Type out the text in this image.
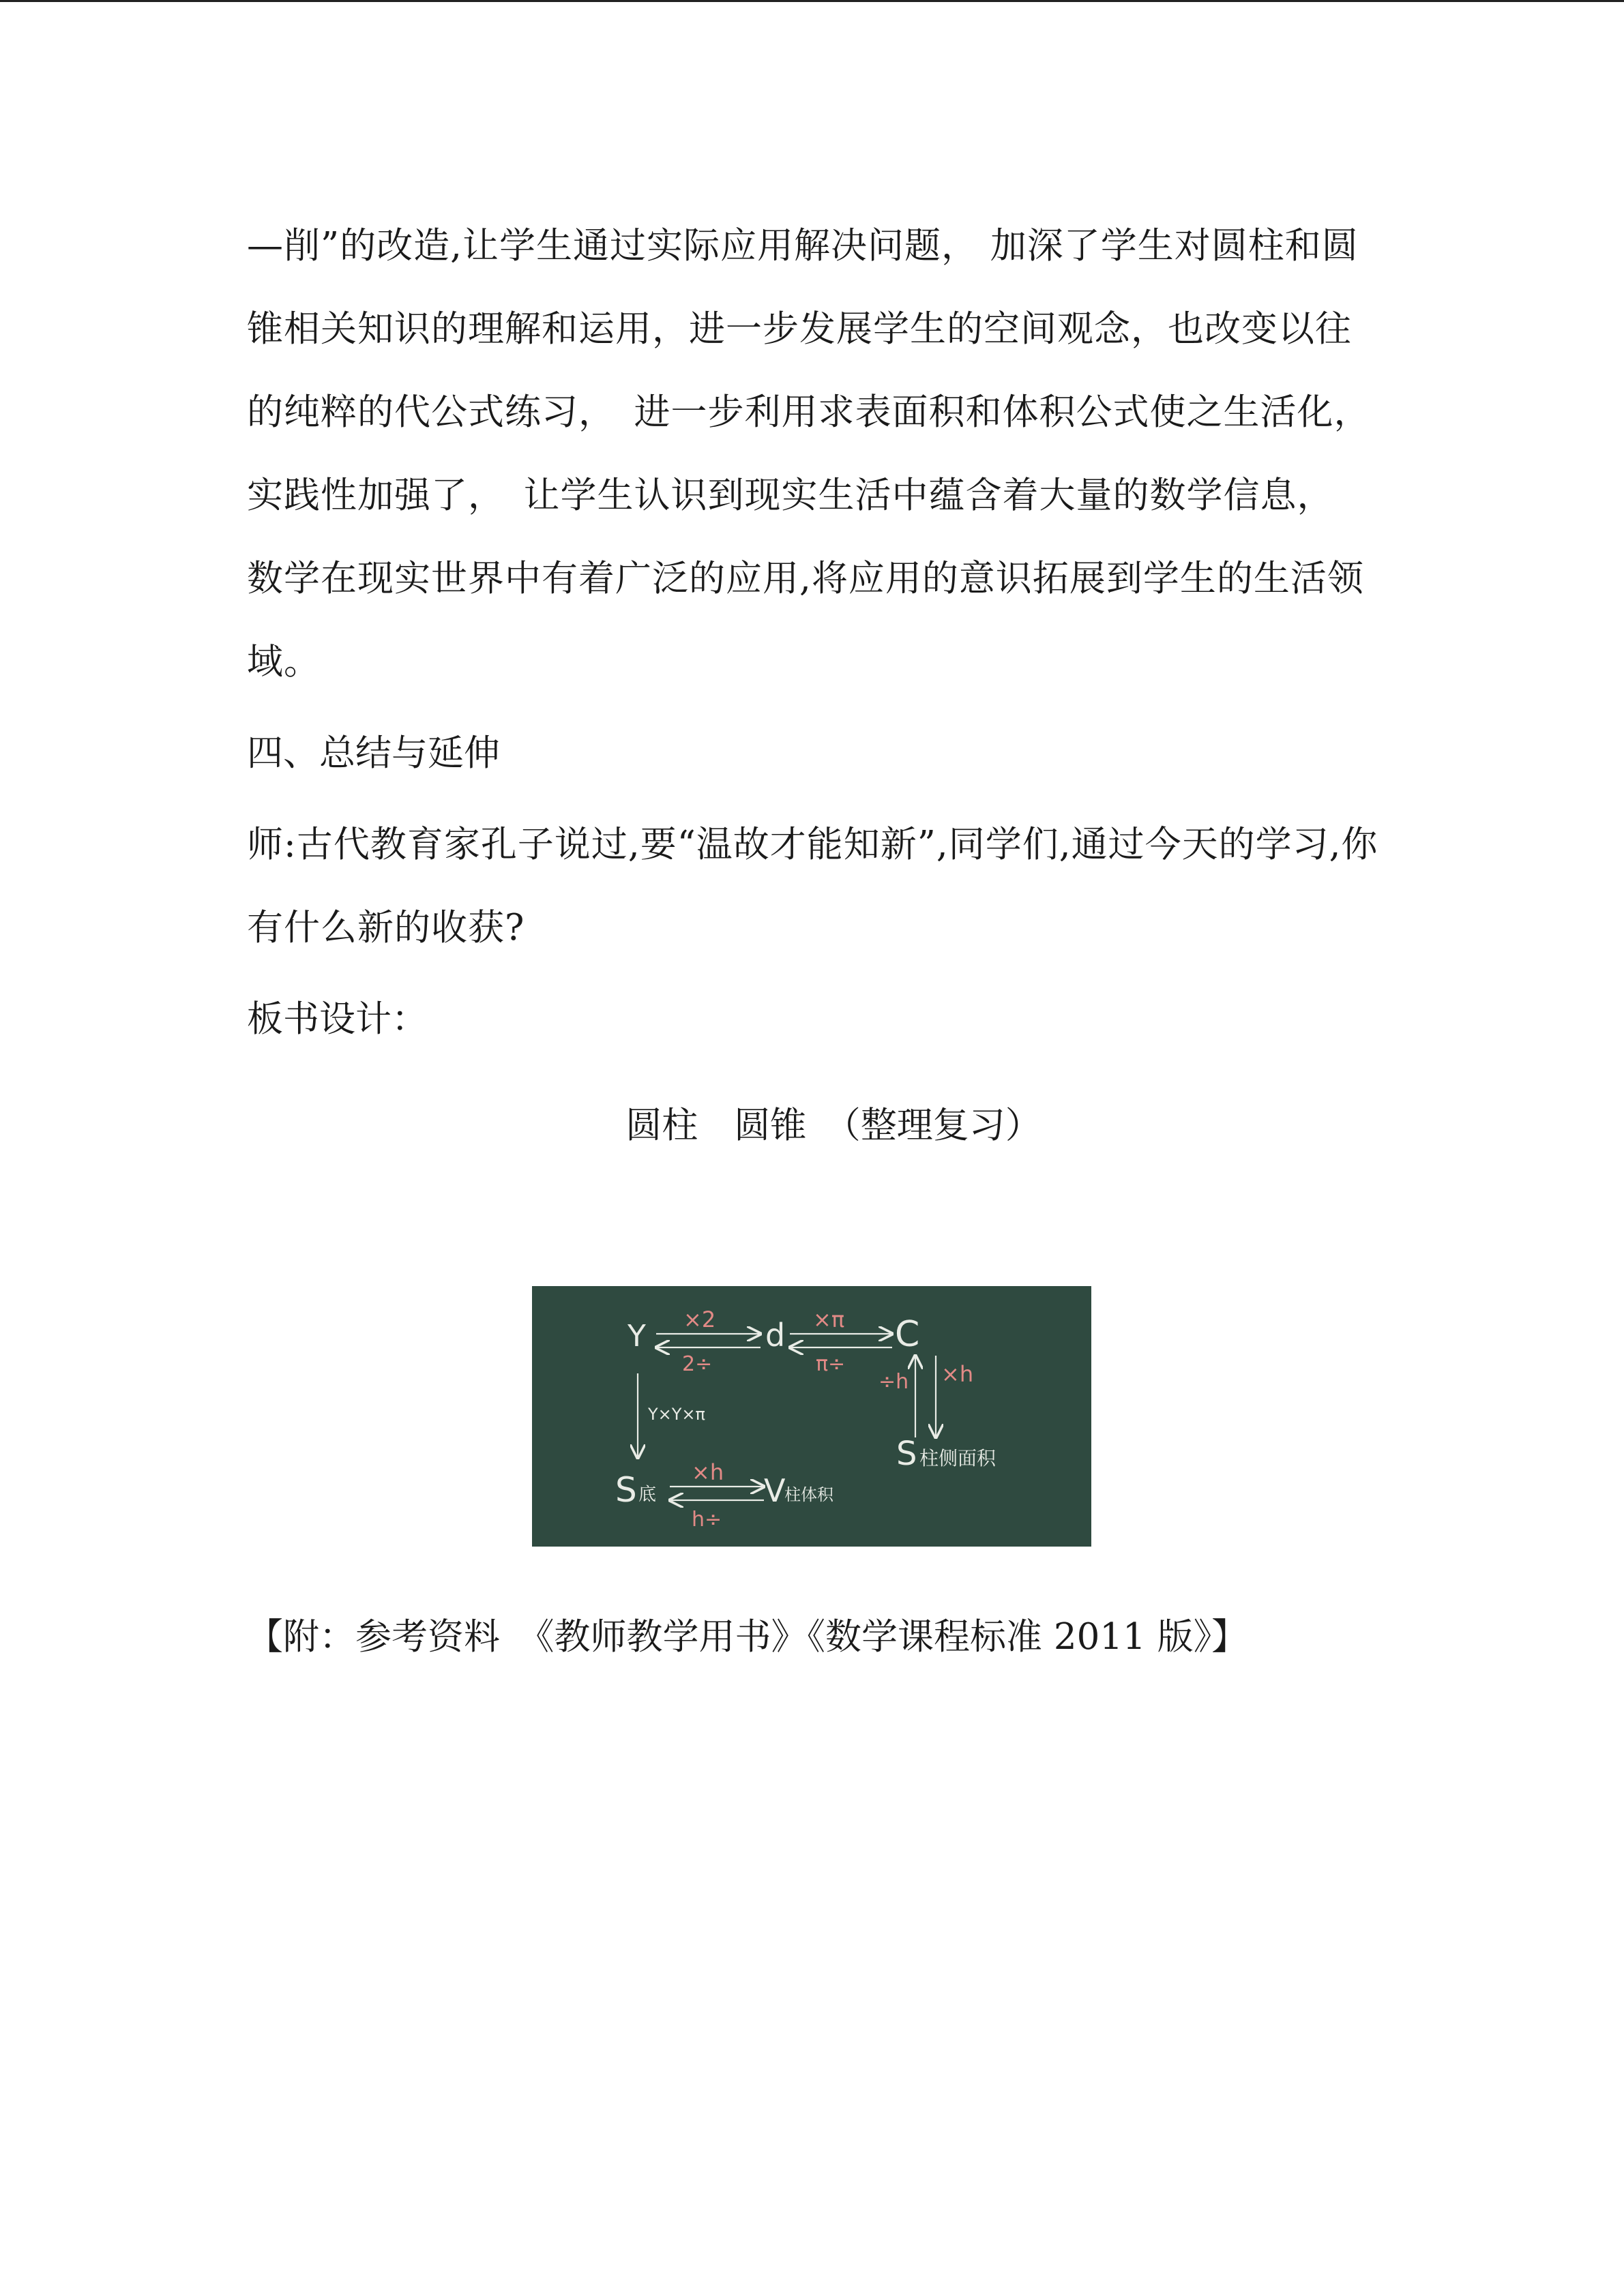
—削”的改造,让学生通过实际应用解决问题， 加深了学生对圆柱和圆锥相关知识的理解和运用，进一步发展学生的空间观念，也改变以往的纯粹的代公式练习，　进一步利用求表面积和体积公式使之生活化，　实践性加强了，　让学生认识到现实生活中蕴含着大量的数学信息，　数学在现实世界中有着广泛的应用,将应用的意识拓展到学生的生活领域。

四、总结与延伸

师:古代教育家孔子说过,要“温故才能知新”,同学们,通过今天的学习,你有什么新的收获?

板书设计：

圆柱　圆锥　（整理复习）

Y	d	C
×2
2÷
×π
π÷
÷h ×h
S 柱侧面积
Y×Y×π
S 底
×h
h÷
V
柱体积
【附：参考资料　《教师教学用书》《数学课程标准 2011 版》】
